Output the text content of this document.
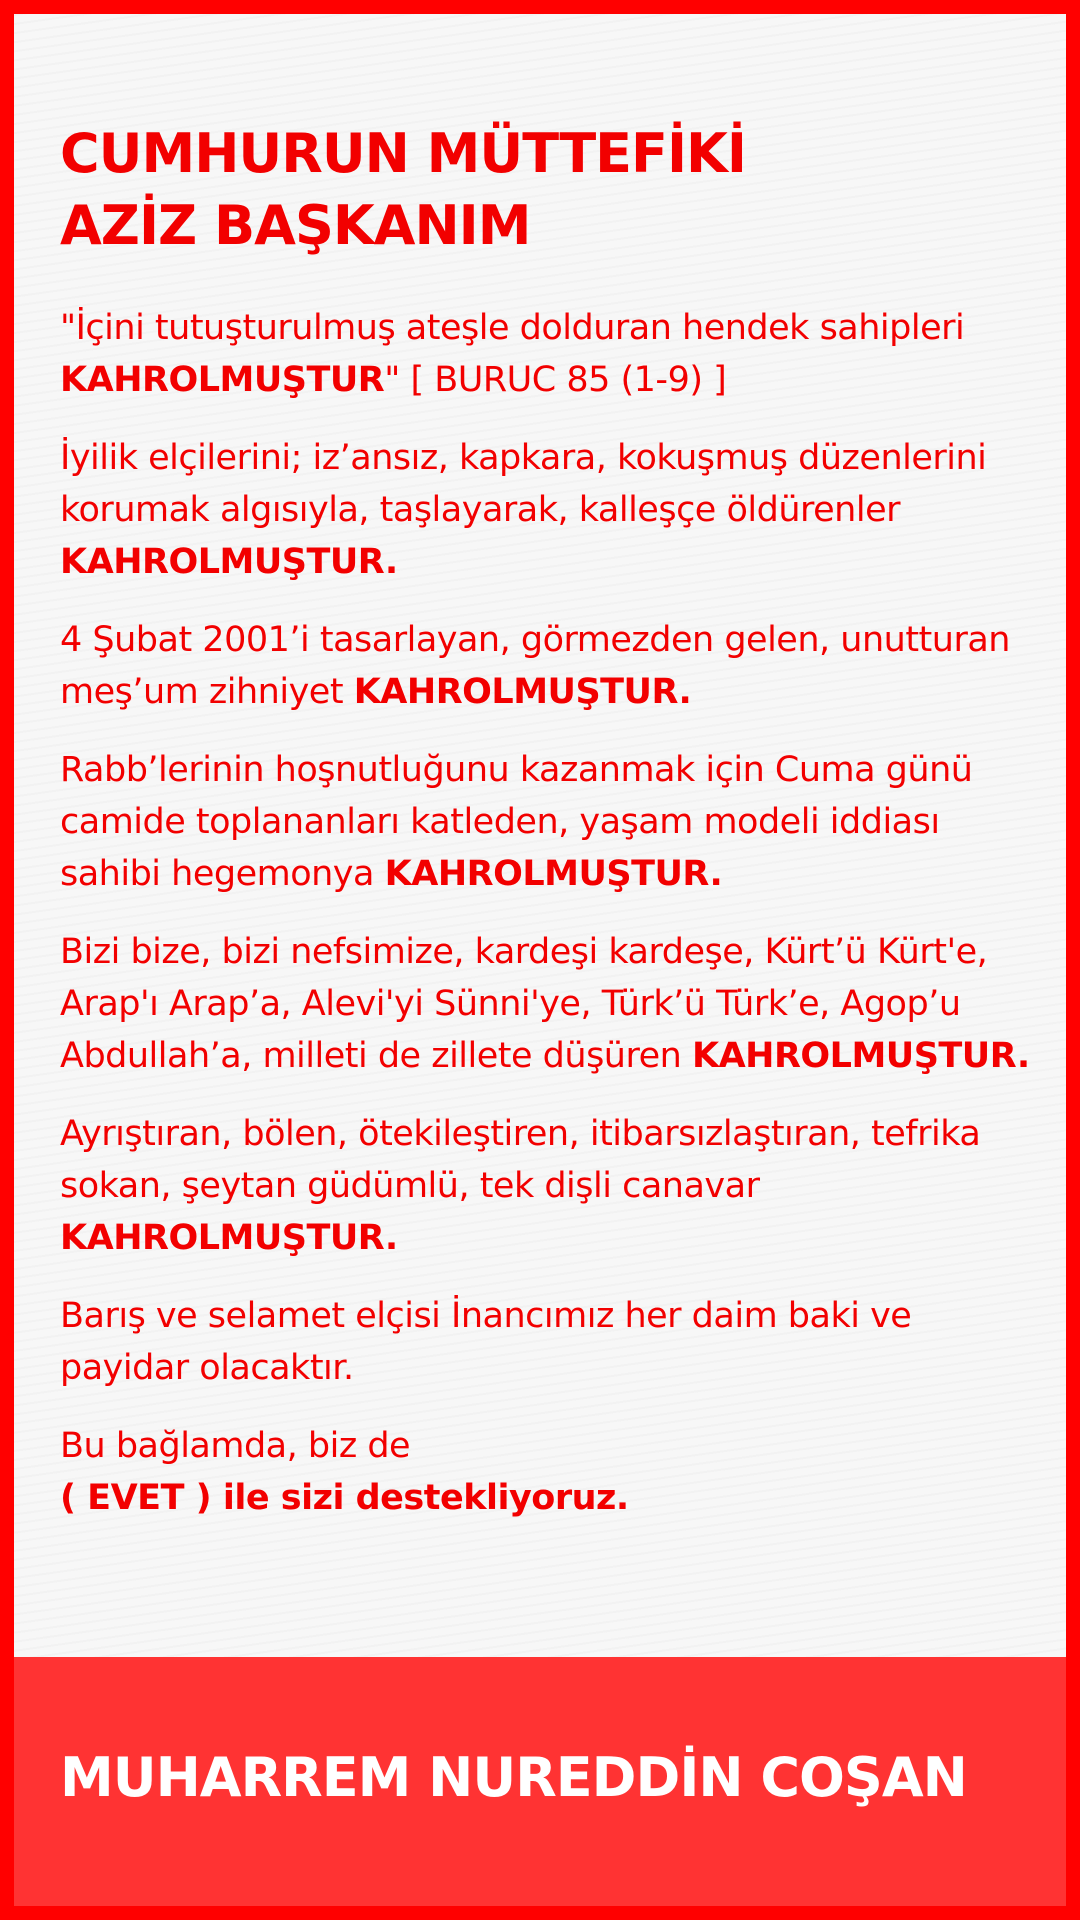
CUMHURUN MÜTTEFİKİ
AZİZ BAŞKANIM

"İçini tutuşturulmuş ateşle dolduran hendek sahipleri
KAHROLMUŞTUR" [ BURUC 85 (1-9) ]

İyilik elçilerini; iz’ansız, kapkara, kokuşmuş düzenlerini korumak algısıyla, taşlayarak, kalleşçe öldürenler KAHROLMUŞTUR.

4 Şubat 2001’i tasarlayan, görmezden gelen, unutturan meş’um zihniyet KAHROLMUŞTUR.

Rabb’lerinin hoşnutluğunu kazanmak için Cuma günü camide toplananları katleden, yaşam modeli iddiası sahibi hegemonya KAHROLMUŞTUR.

Bizi bize, bizi nefsimize, kardeşi kardeşe, Kürt’ü Kürt'e, Arap'ı Arap’a, Alevi'yi Sünni'ye, Türk’ü Türk’e, Agop’u Abdullah’a, milleti de zillete düşüren KAHROLMUŞTUR.

Ayrıştıran, bölen, ötekileştiren, itibarsızlaştıran, tefrika sokan, şeytan güdümlü, tek dişli canavar KAHROLMUŞTUR.

Barış ve selamet elçisi İnancımız her daim baki ve payidar olacaktır.

Bu bağlamda, biz de
( EVET ) ile sizi destekliyoruz.

MUHARREM NUREDDİN COŞAN
